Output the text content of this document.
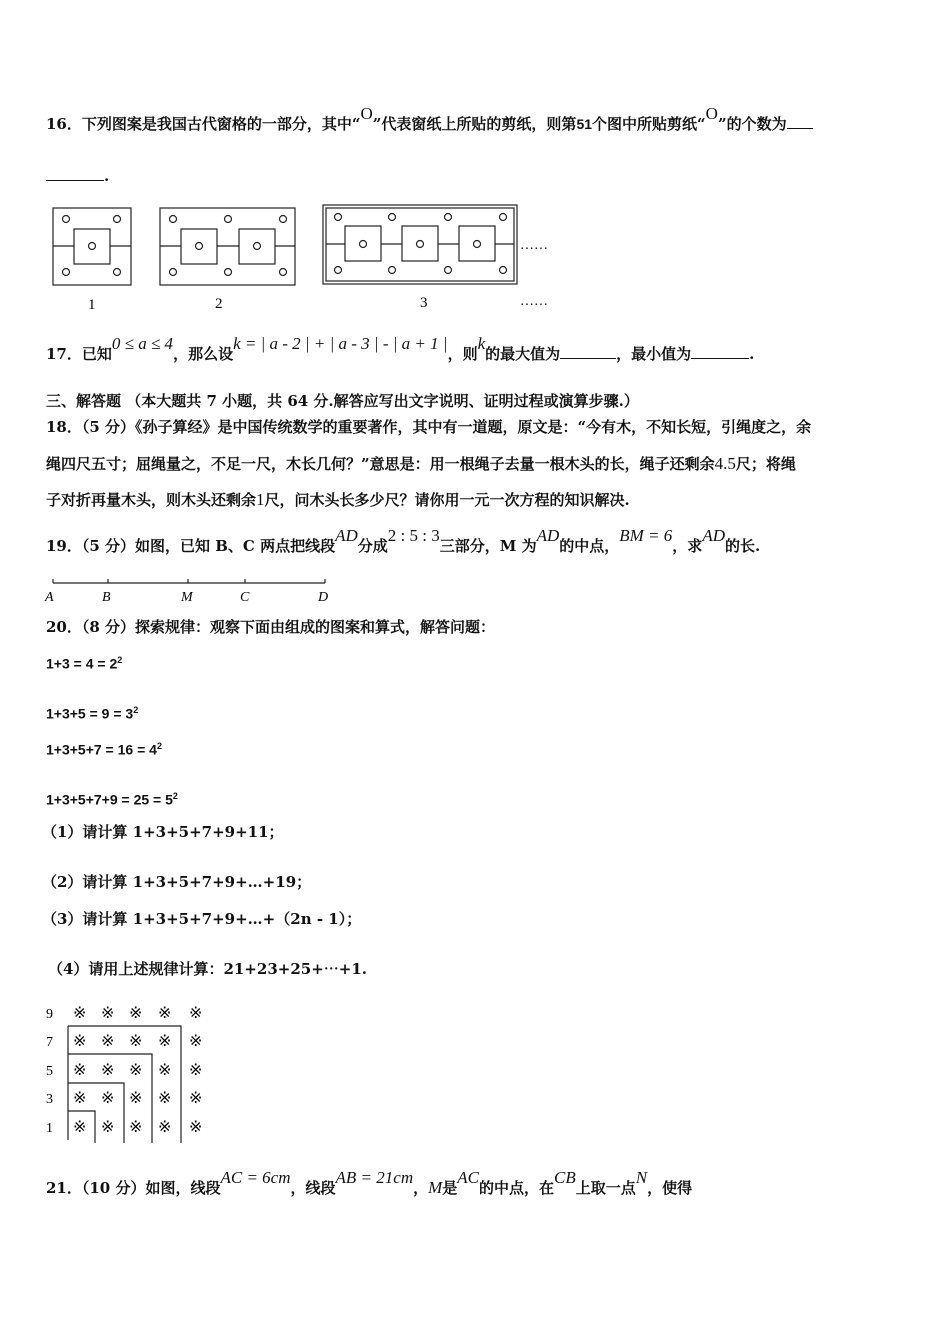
16．下列图案是我国古代窗格的一部分，其中“O”代表窗纸上所贴的剪纸，则第51个图中所贴剪纸“O”的个数为
.
1	2	3
……
……
17．已知0 ≤ a ≤ 4，那么设k = | a - 2 | + | a - 3 | - | a + 1 |，则k的最大值为	，最小值为	.
三、解答题 （本大题共 7 小题，共 64 分.解答应写出文字说明、证明过程或演算步骤.）
18．（5 分）《孙子算经》是中国传统数学的重要著作，其中有一道题，原文是：“今有木，不知长短，引绳度之，余
绳四尺五寸；屈绳量之，不足一尺，木长几何？”意思是：用一根绳子去量一根木头的长，绳子还剩余4.5尺；将绳
子对折再量木头，则木头还剩余1尺，问木头长多少尺？请你用一元一次方程的知识解决.
19．（5 分）如图，已知 B、C 两点把线段AD分成2 : 5 : 3三部分，M 为AD的中点，BM = 6，求AD的长.
A	B	M	C	D
20．（8 分）探索规律：观察下面由组成的图案和算式，解答问题：
$1+3 = 4 = 2^2$
$1+3+5 = 9 = 3^2$
$1+3+5+7 = 16 = 4^2$
$1+3+5+7+9 = 25 = 5^2$
（1）请计算 1+3+5+7+9+11；
（2）请计算 1+3+5+7+9+…+19；
（3）请计算 1+3+5+7+9+…+（2n - 1）；
（4）请用上述规律计算：21+23+25+⋯+1.
9 ※ ※ ※ ※ ※
7 ※ ※ ※ ※ ※
5 ※ ※ ※ ※ ※
3 ※ ※ ※ ※ ※
1 ※ ※ ※ ※ ※
21．（10 分）如图，线段AC = 6cm，线段AB = 21cm，M是AC的中点，在CB上取一点N，使得
